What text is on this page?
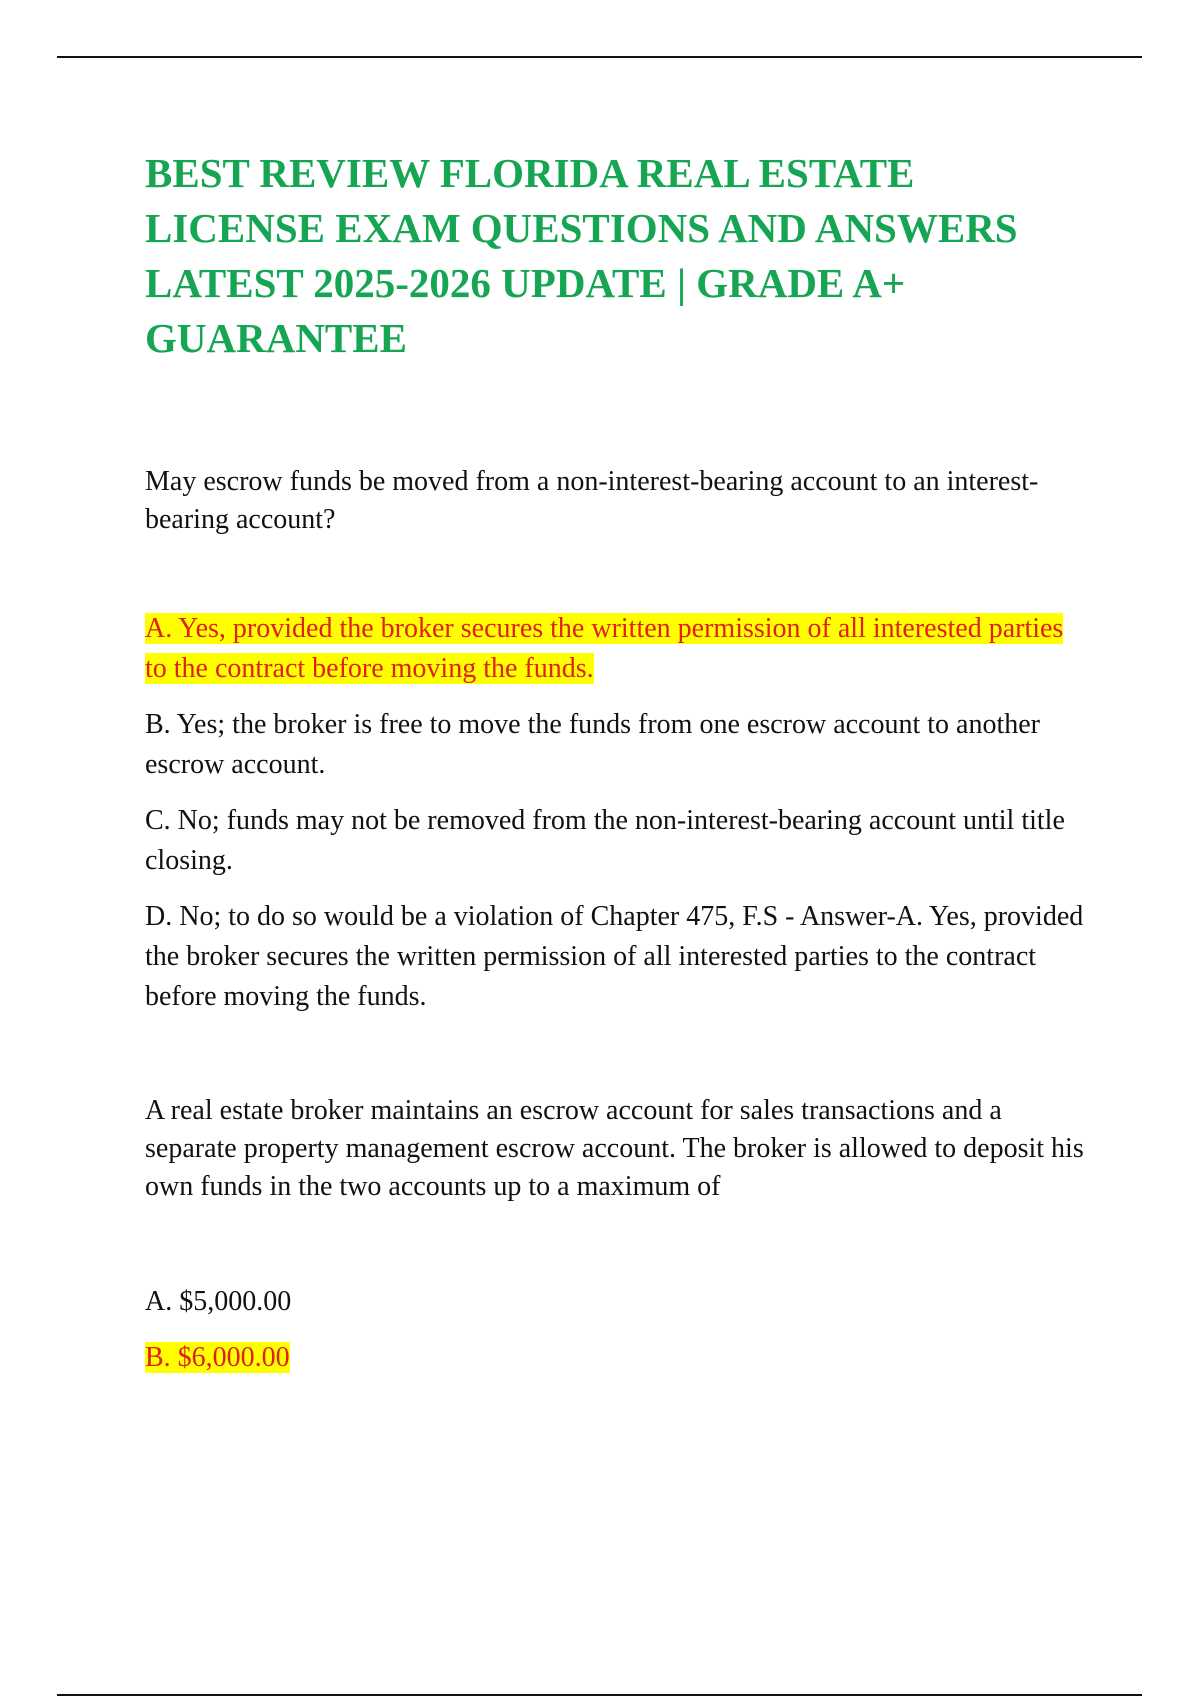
BEST REVIEW FLORIDA REAL ESTATE LICENSE EXAM QUESTIONS AND ANSWERS LATEST 2025-2026 UPDATE | GRADE A+ GUARANTEE

May escrow funds be moved from a non-interest-bearing account to an interest-bearing account?

A. Yes, provided the broker secures the written permission of all interested parties to the contract before moving the funds.

B. Yes; the broker is free to move the funds from one escrow account to another escrow account.

C. No; funds may not be removed from the non-interest-bearing account until title closing.

D. No; to do so would be a violation of Chapter 475, F.S - Answer-A. Yes, provided the broker secures the written permission of all interested parties to the contract before moving the funds.

A real estate broker maintains an escrow account for sales transactions and a separate property management escrow account. The broker is allowed to deposit his own funds in the two accounts up to a maximum of

A. $5,000.00

B. $6,000.00
